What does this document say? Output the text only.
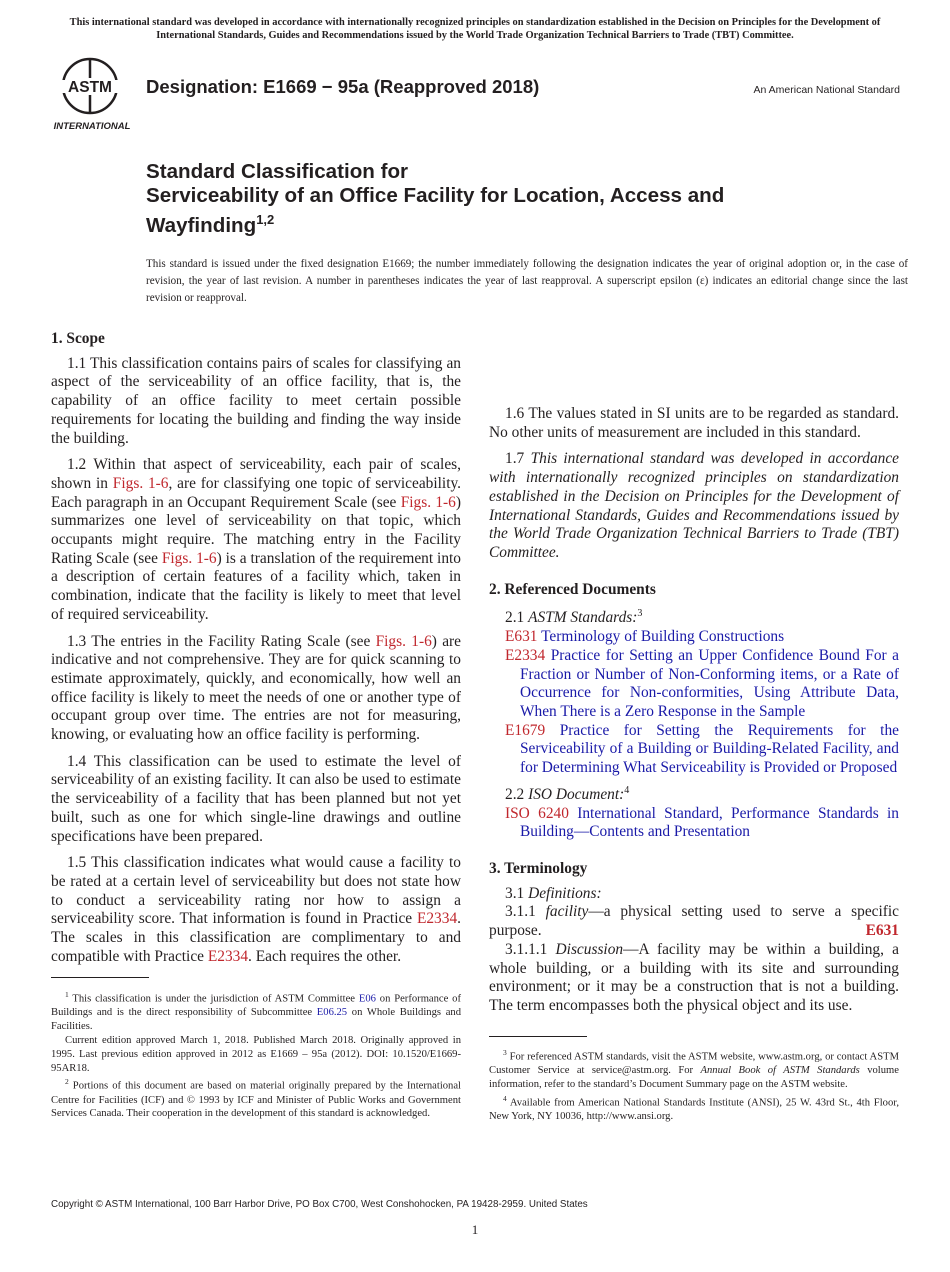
This international standard was developed in accordance with internationally recognized principles on standardization established in the Decision on Principles for the Development of International Standards, Guides and Recommendations issued by the World Trade Organization Technical Barriers to Trade (TBT) Committee.
ASTM
INTERNATIONAL
Designation: E1669 − 95a (Reapproved 2018)	An American National Standard
Standard Classification for
Serviceability of an Office Facility for Location, Access and
Wayfinding$^{1,2}$
This standard is issued under the fixed designation E1669; the number immediately following the designation indicates the year of original adoption or, in the case of revision, the year of last revision. A number in parentheses indicates the year of last reapproval. A superscript epsilon (ε) indicates an editorial change since the last revision or reapproval.
1. Scope

1.1 This classification contains pairs of scales for classifying an aspect of the serviceability of an office facility, that is, the capability of an office facility to meet certain possible requirements for locating the building and finding the way inside the building.

1.2 Within that aspect of serviceability, each pair of scales, shown in Figs. 1-6, are for classifying one topic of serviceability. Each paragraph in an Occupant Requirement Scale (see Figs. 1-6) summarizes one level of serviceability on that topic, which occupants might require. The matching entry in the Facility Rating Scale (see Figs. 1-6) is a translation of the requirement into a description of certain features of a facility which, taken in combination, indicate that the facility is likely to meet that level of required serviceability.

1.3 The entries in the Facility Rating Scale (see Figs. 1-6) are indicative and not comprehensive. They are for quick scanning to estimate approximately, quickly, and economically, how well an office facility is likely to meet the needs of one or another type of occupant group over time. The entries are not for measuring, knowing, or evaluating how an office facility is performing.

1.4 This classification can be used to estimate the level of serviceability of an existing facility. It can also be used to estimate the serviceability of a facility that has been planned but not yet built, such as one for which single-line drawings and outline specifications have been prepared.

1.5 This classification indicates what would cause a facility to be rated at a certain level of serviceability but does not state how to conduct a serviceability rating nor how to assign a serviceability score. That information is found in Practice E2334. The scales in this classification are complimentary to and compatible with Practice E2334. Each requires the other.

1.6 The values stated in SI units are to be regarded as standard. No other units of measurement are included in this standard.

1.7 This international standard was developed in accordance with internationally recognized principles on standardization established in the Decision on Principles for the Development of International Standards, Guides and Recommendations issued by the World Trade Organization Technical Barriers to Trade (TBT) Committee.

2. Referenced Documents
2.1 ASTM Standards:$^3$
E631 Terminology of Building Constructions
E2334 Practice for Setting an Upper Confidence Bound For a Fraction or Number of Non-Conforming items, or a Rate of Occurrence for Non-conformities, Using Attribute Data, When There is a Zero Response in the Sample
E1679 Practice for Setting the Requirements for the Serviceability of a Building or Building-Related Facility, and for Determining What Serviceability is Provided or Proposed
2.2 ISO Document:$^4$
ISO 6240 International Standard, Performance Standards in Building—Contents and Presentation
3. Terminology
3.1 Definitions:
3.1.1 facility—a physical setting used to serve a specific purpose.	E631
3.1.1.1 Discussion—A facility may be within a building, a whole building, or a building with its site and surrounding environment; or it may be a construction that is not a building. The term encompasses both the physical object and its use.

$^1$ This classification is under the jurisdiction of ASTM Committee E06 on Performance of Buildings and is the direct responsibility of Subcommittee E06.25 on Whole Buildings and Facilities.

Current edition approved March 1, 2018. Published March 2018. Originally approved in 1995. Last previous edition approved in 2012 as E1669 – 95a (2012). DOI: 10.1520/E1669-95AR18.

$^2$ Portions of this document are based on material originally prepared by the International Centre for Facilities (ICF) and © 1993 by ICF and Minister of Public Works and Government Services Canada. Their cooperation in the development of this standard is acknowledged.

$^3$ For referenced ASTM standards, visit the ASTM website, www.astm.org, or contact ASTM Customer Service at service@astm.org. For Annual Book of ASTM Standards volume information, refer to the standard’s Document Summary page on the ASTM website.

$^4$ Available from American National Standards Institute (ANSI), 25 W. 43rd St., 4th Floor, New York, NY 10036, http://www.ansi.org.

Copyright © ASTM International, 100 Barr Harbor Drive, PO Box C700, West Conshohocken, PA 19428-2959. United States
1
